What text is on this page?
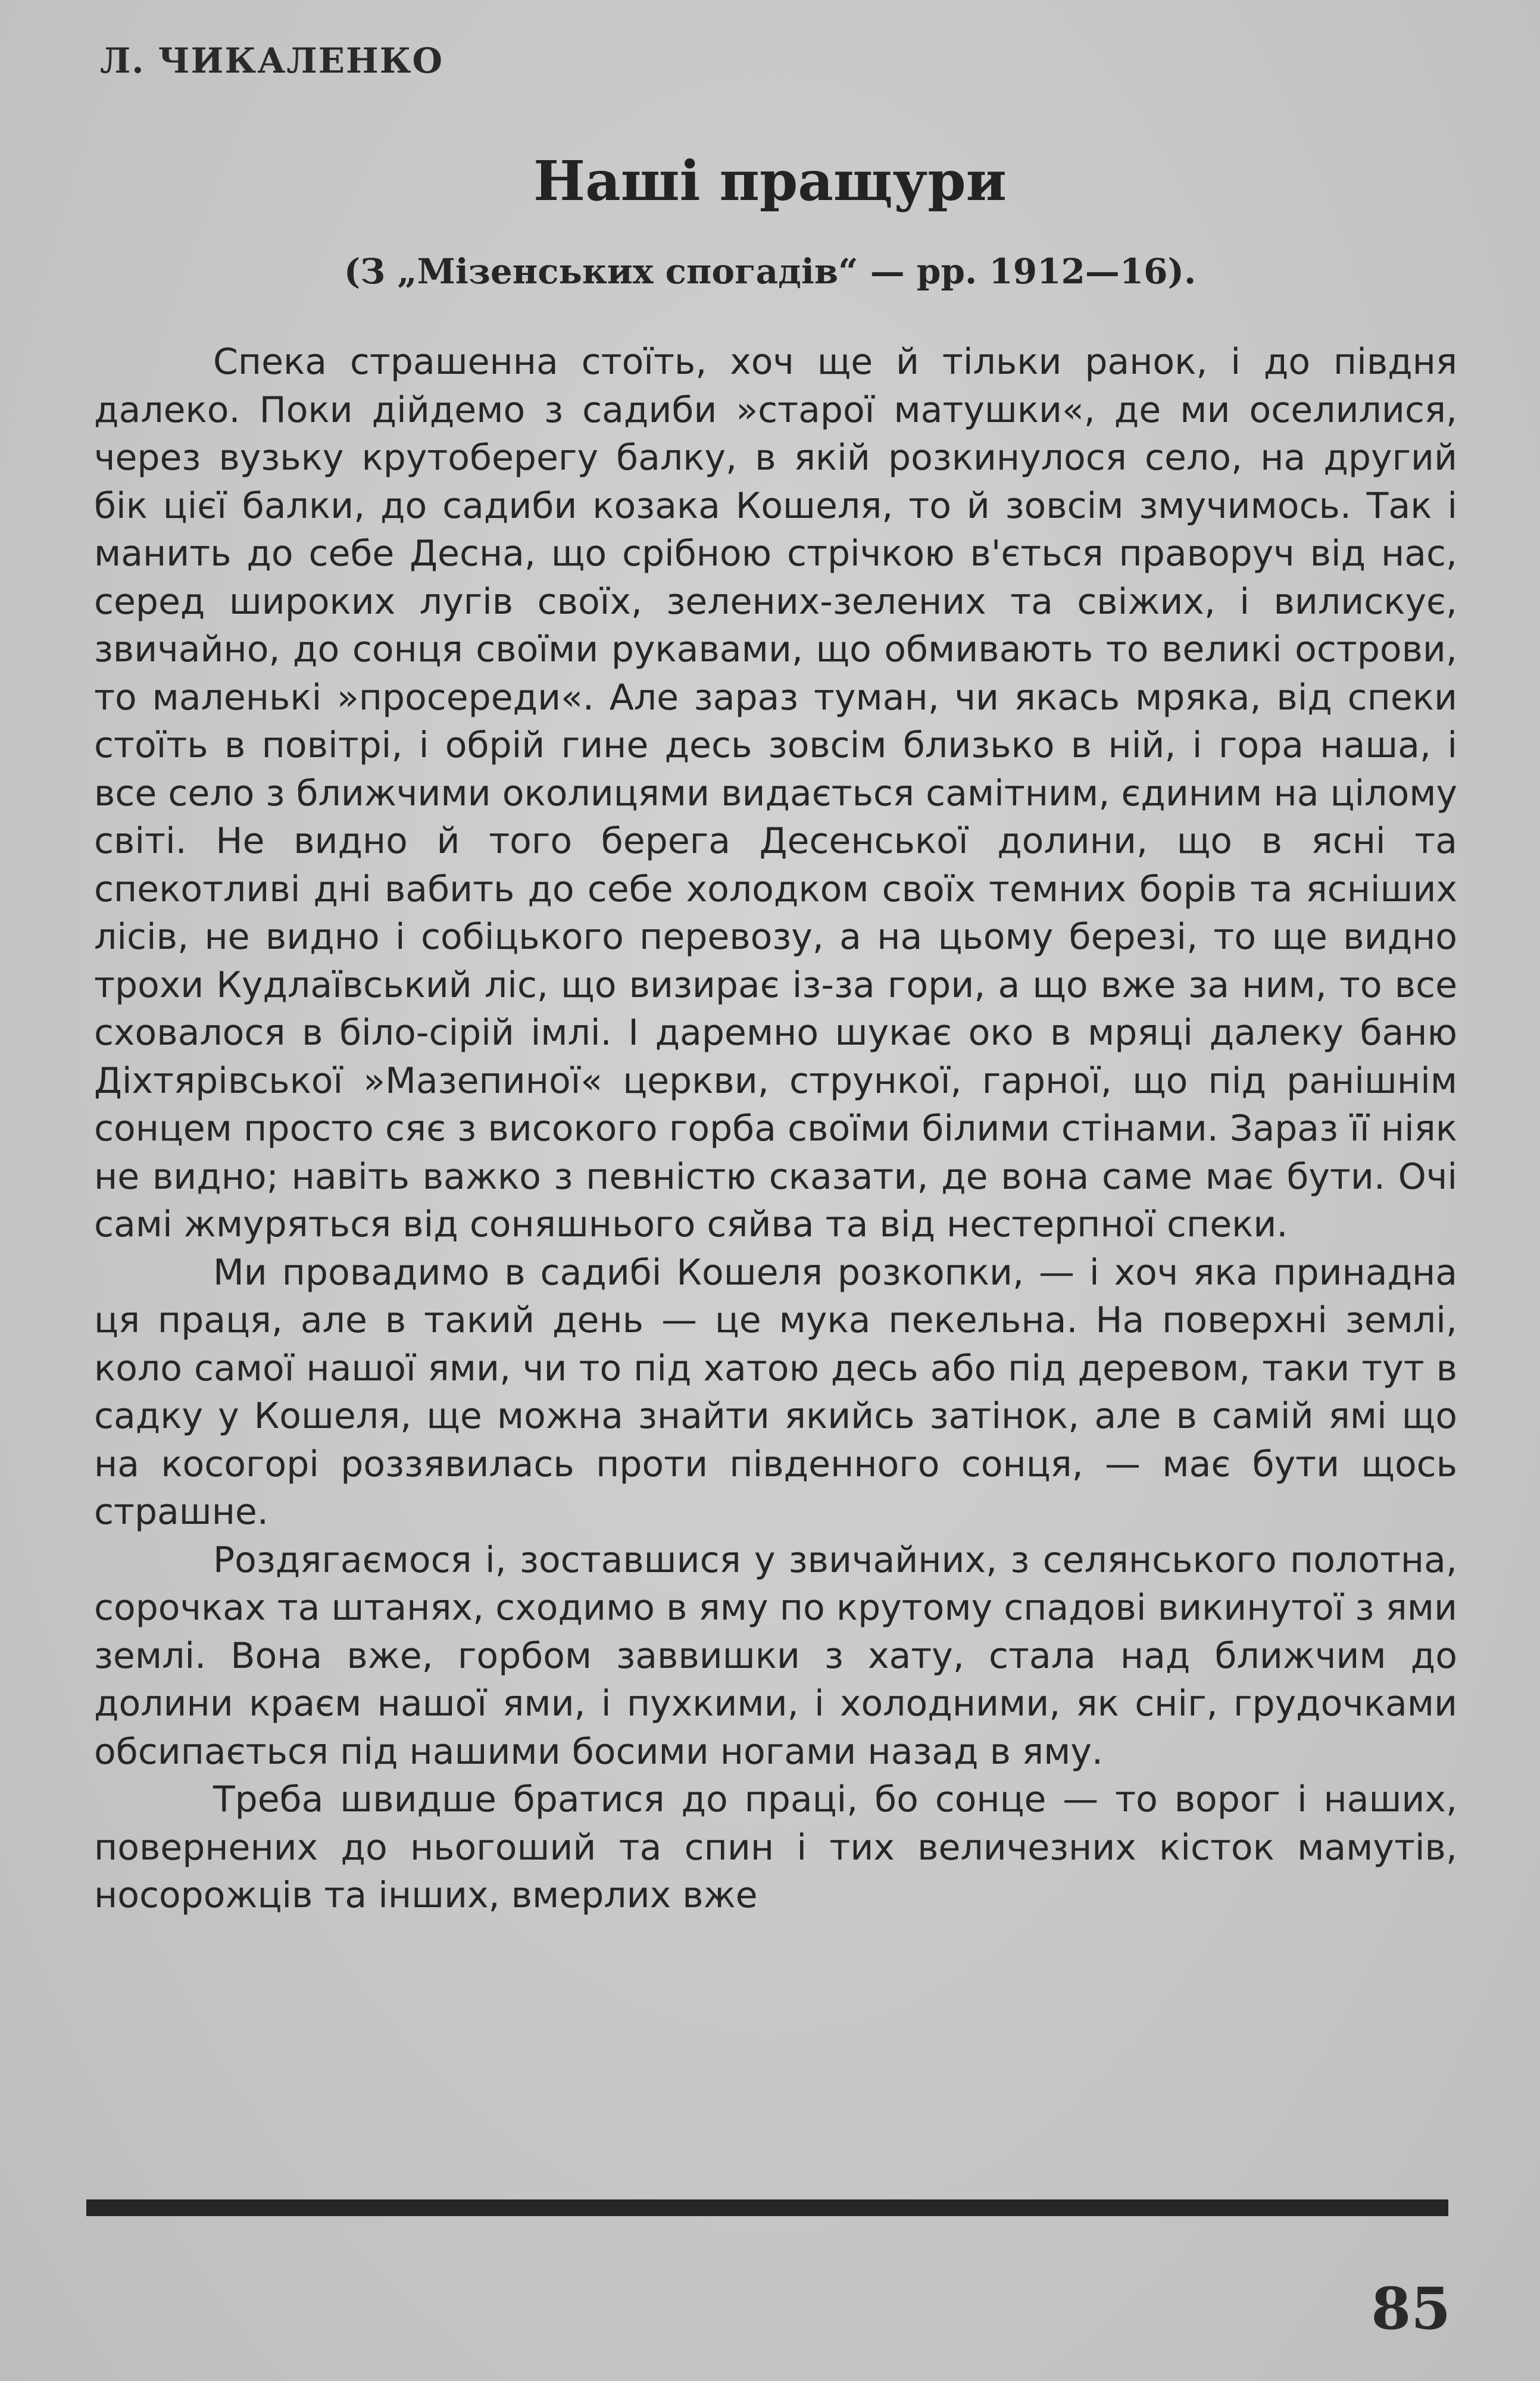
Л. ЧИКАЛЕНКО
Наші пращури
(З „Мізенських спогадів“ — рр. 1912—16).

Спека страшенна стоїть, хоч ще й тільки ранок, і до півдня далеко. Поки дійдемо з садиби »старої матушки«, де ми оселилися, через вузьку крутоберегу балку, в якій розкинулося село, на другий бік цієї балки, до садиби козака Кошеля, то й зовсім змучимось. Так і манить до себе Десна, що срібною стрічкою в'ється праворуч від нас, серед широких лугів своїх, зелених-зелених та свіжих, і вилискує, звичайно, до сонця своїми рукавами, що обмивають то великі острови, то маленькі »просереди«. Але зараз туман, чи якась мряка, від спеки стоїть в повітрі, і обрій гине десь зовсім близько в ній, і гора наша, і все село з ближчими околицями видається самітним, єдиним на цілому світі. Не видно й того берега Десенської долини, що в ясні та спекотливі дні вабить до себе холодком своїх темних борів та ясніших лісів, не видно і собіцького перевозу, а на цьому березі, то ще видно трохи Кудлаївський ліс, що визирає із-за гори, а що вже за ним, то все сховалося в біло-сірій імлі. І даремно шукає око в мряці далеку баню Діхтярівської »Мазепиної« церкви, стрункої, гарної, що під ранішнім сонцем просто сяє з високого горба своїми білими стінами. Зараз її ніяк не видно; навіть важко з певністю сказати, де вона саме має бути. Очі самі жмуряться від соняшнього сяйва та від нестерпної спеки.

Ми провадимо в садибі Кошеля розкопки, — і хоч яка принадна ця праця, але в такий день — це мука пекельна. На поверхні землі, коло самої нашої ями, чи то під хатою десь або під деревом, таки тут в садку у Кошеля, ще можна знайти якийсь затінок, але в самій ямі що на косогорі роззявилась проти південного сонця, — має бути щось страшне.

Роздягаємося і, зоставшися у звичайних, з селянського полотна, сорочках та штанях, сходимо в яму по крутому спадові викинутої з ями землі. Вона вже, горбом заввишки з хату, стала над ближчим до долини краєм нашої ями, і пухкими, і холодними, як сніг, грудочками обсипається під нашими босими ногами назад в яму.

Треба швидше братися до праці, бо сонце — то ворог і наших, повернених до ньогоший та спин і тих величезних кісток мамутів, носорожців та інших, вмерлих вже

85
